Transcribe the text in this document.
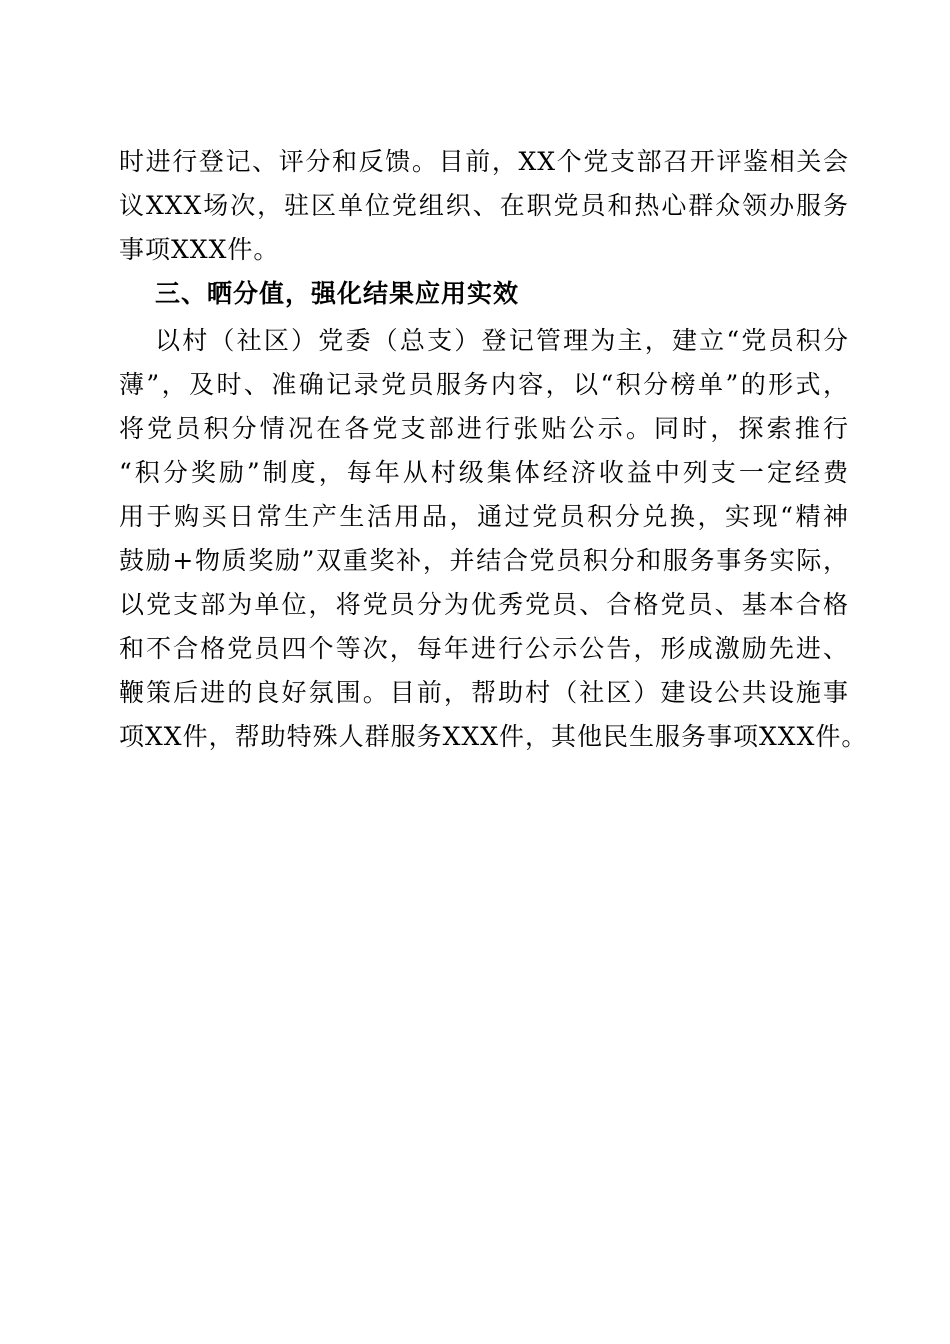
时进行登记、评分和反馈。目前，XX个党支部召开评鉴相关会
议XXX场次，驻区单位党组织、在职党员和热心群众领办服务
事项XXX件。
三、晒分值，强化结果应用实效
以村（社区）党委（总支）登记管理为主，建立“党员积分
薄”，及时、准确记录党员服务内容，以“积分榜单”的形式，
将党员积分情况在各党支部进行张贴公示。同时，探索推行
“积分奖励”制度，每年从村级集体经济收益中列支一定经费
用于购买日常生产生活用品，通过党员积分兑换，实现“精神
鼓励+物质奖励”双重奖补，并结合党员积分和服务事务实际，
以党支部为单位，将党员分为优秀党员、合格党员、基本合格
和不合格党员四个等次，每年进行公示公告，形成激励先进、
鞭策后进的良好氛围。目前，帮助村（社区）建设公共设施事
项XX件，帮助特殊人群服务XXX件，其他民生服务事项XXX件。
